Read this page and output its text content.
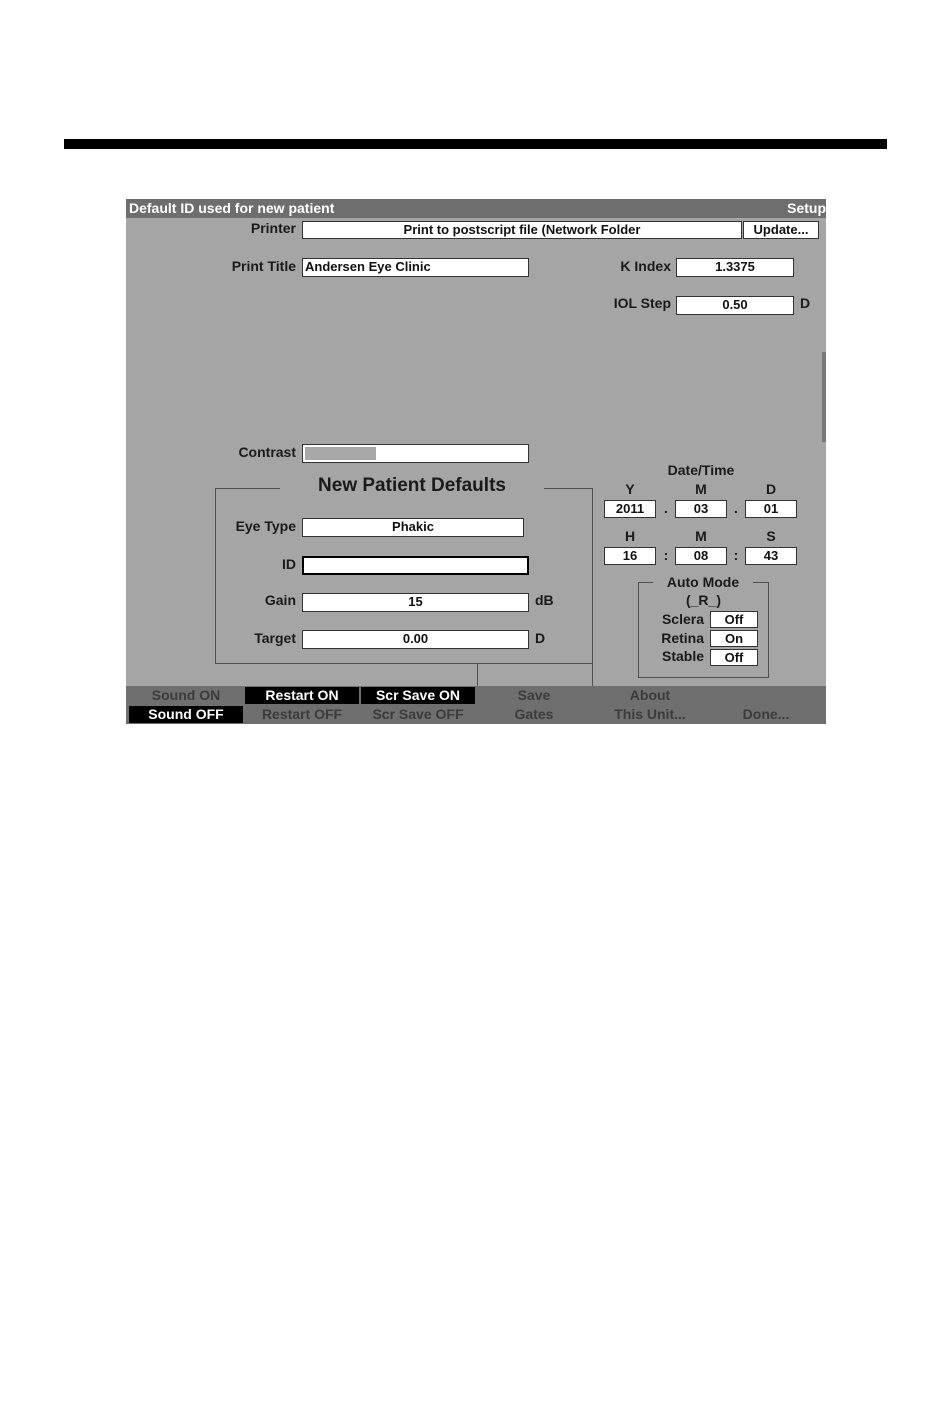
Default ID used for new patient	Setup
Printer	Print to postscript file (Network Folder	Update...
Print Title Andersen Eye Clinic	K Index	1.3375
IOL Step	0.50	D
Contrast
New Patient Defaults
Eye Type	Phakic
ID
Gain	15	dB
Target	0.00	D
Date/Time
Y	M	D
2011	.	03	.	01
H	M	S
16	:	08	:	43
Auto Mode
(_R_)
Sclera	Off
Retina	On
Stable	Off
Sound ON	Restart ON	Scr Save ON	Save	About
Sound OFF	Restart OFF	Scr Save OFF	Gates	This Unit...	Done...
